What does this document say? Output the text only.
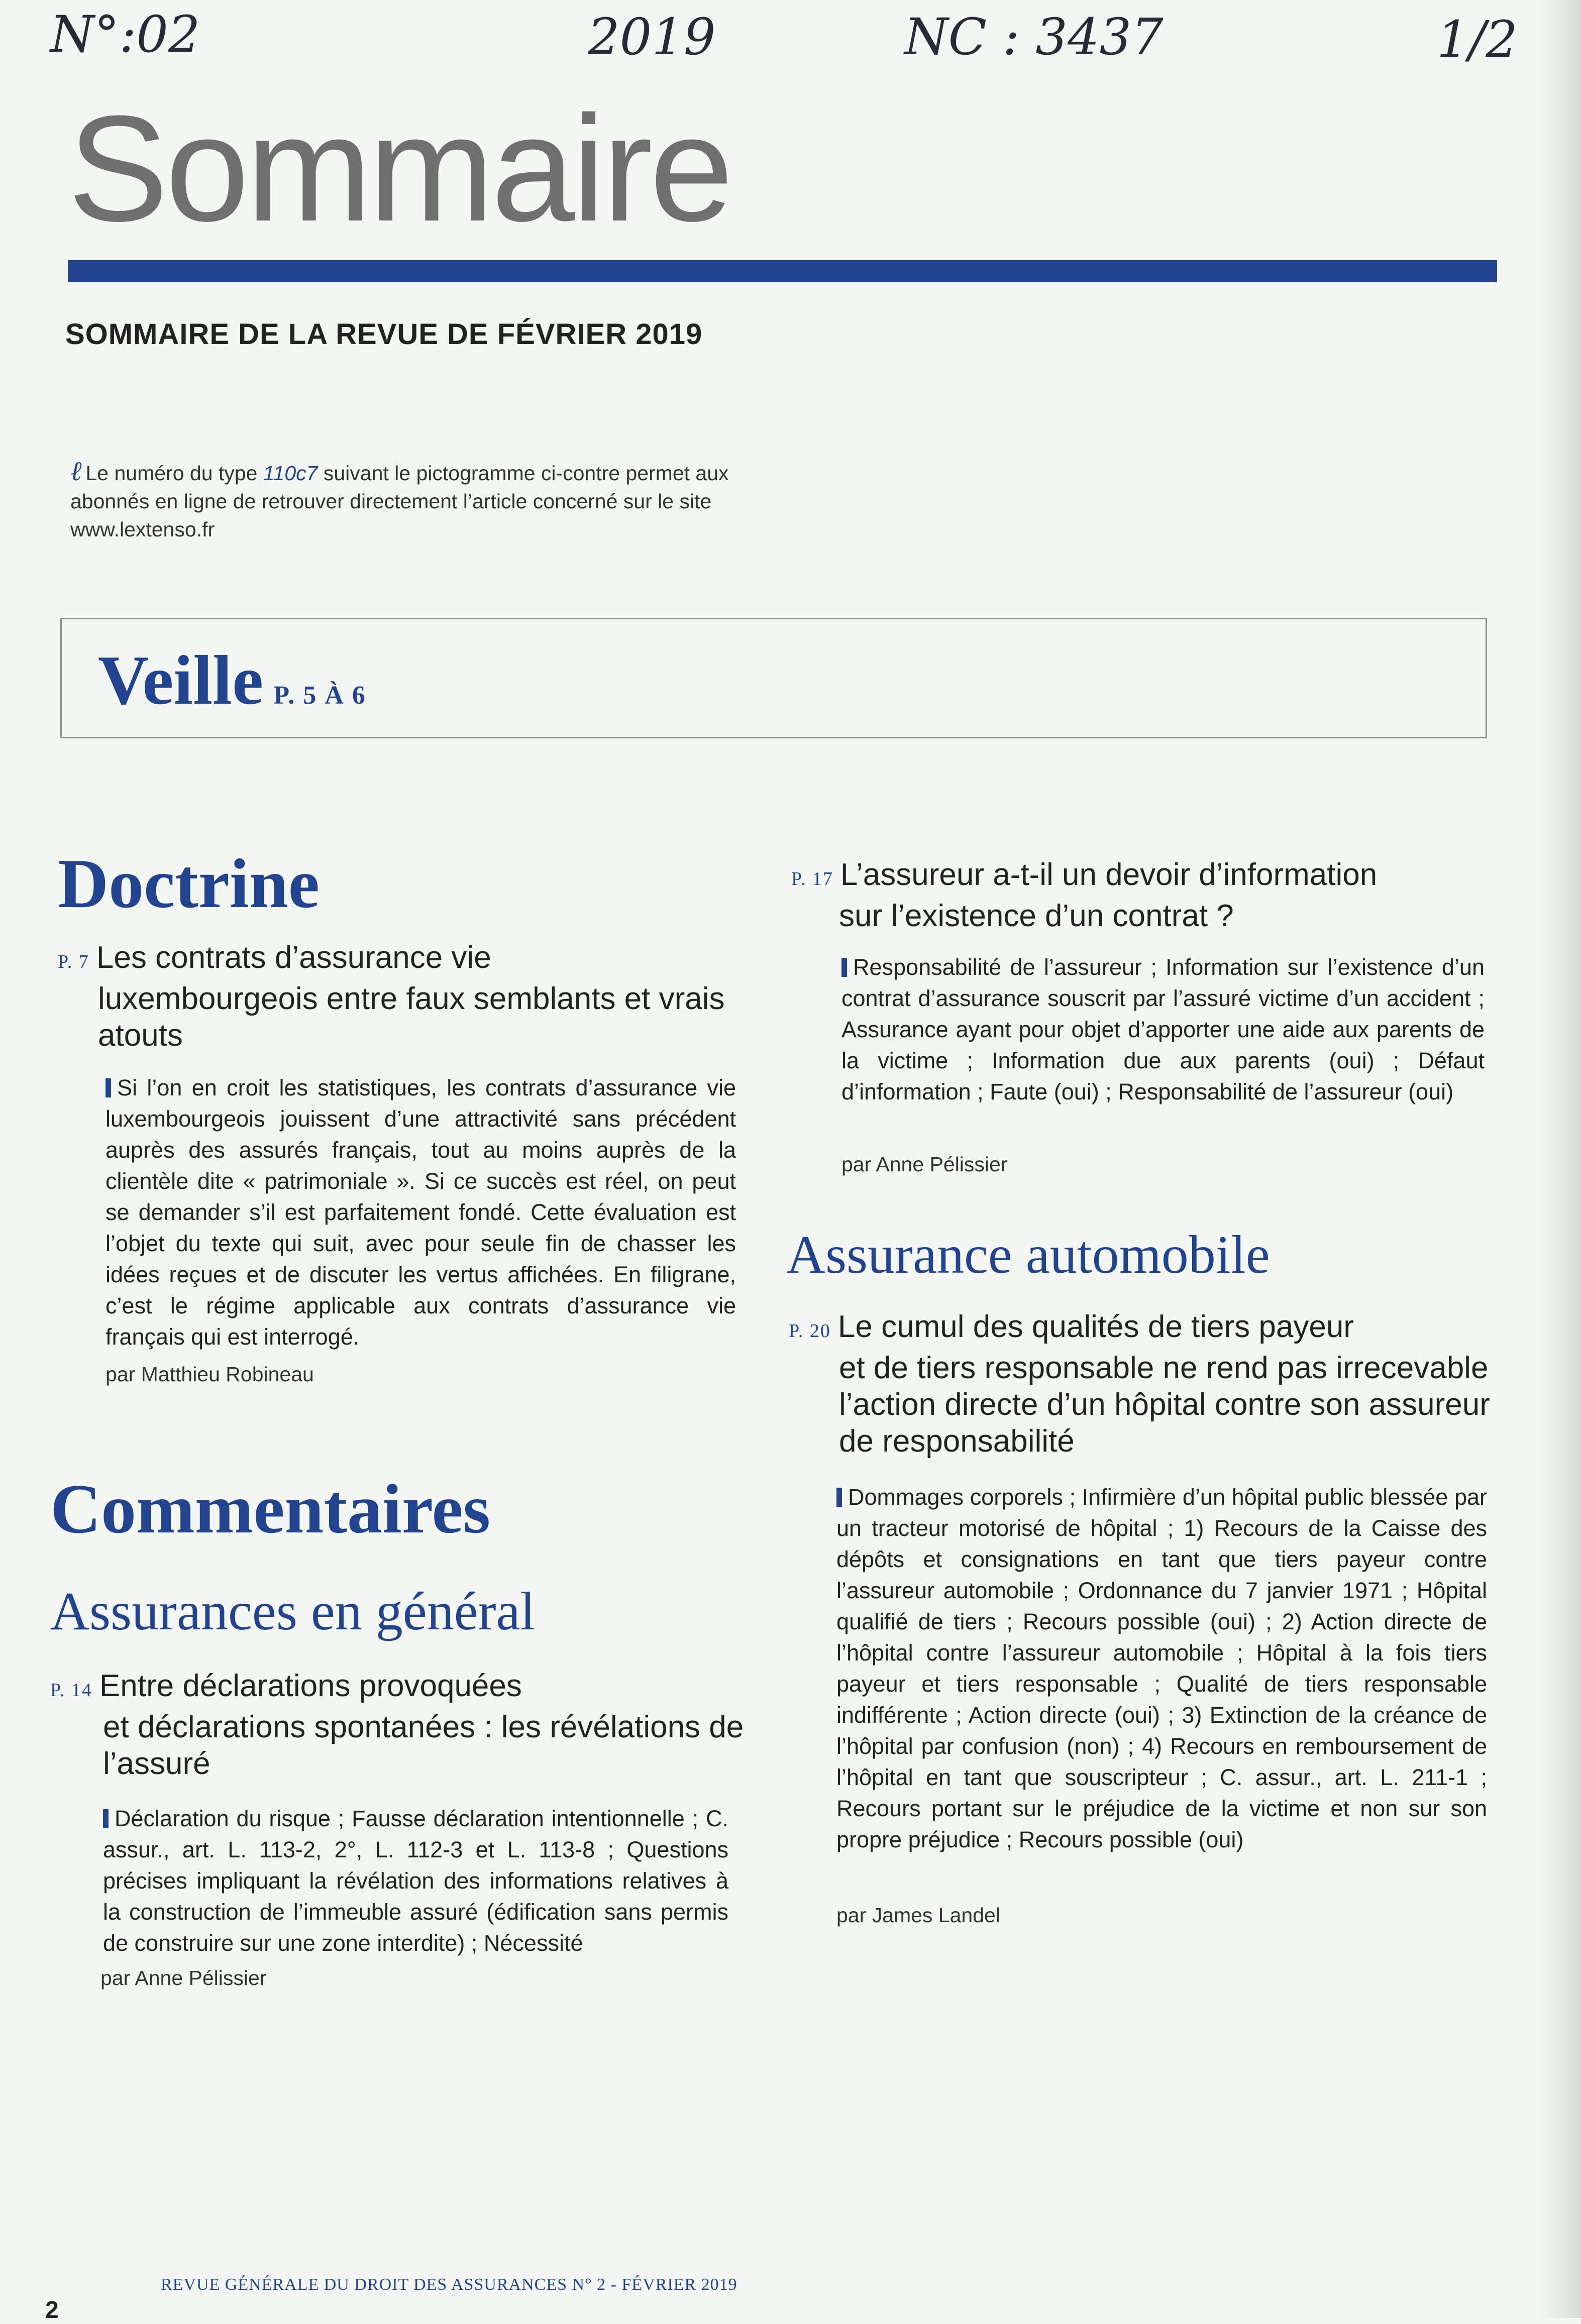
N°:02	2019	NC : 3437	1/2
Sommaire
SOMMAIRE DE LA REVUE DE FÉVRIER 2019
ℓ Le numéro du type 110c7 suivant le pictogramme ci-contre permet aux abonnés en ligne de retrouver directement l’article concerné sur le site www.lextenso.fr
Veille P. 5 À 6
Doctrine
P. 7 Les contrats d’assurance vie
luxembourgeois entre faux semblants et vrais atouts
Si l’on en croit les statistiques, les contrats d’assurance vie luxembourgeois jouissent d’une attractivité sans précédent auprès des assurés français, tout au moins auprès de la clientèle dite « patrimoniale ». Si ce succès est réel, on peut se demander s’il est parfaitement fondé. Cette évaluation est l’objet du texte qui suit, avec pour seule fin de chasser les idées reçues et de discuter les vertus affichées. En filigrane, c’est le régime applicable aux contrats d’assurance vie français qui est interrogé.
par Matthieu Robineau
Commentaires
Assurances en général
P. 14 Entre déclarations provoquées
et déclarations spontanées : les révélations de l’assuré
Déclaration du risque ; Fausse déclaration intentionnelle ; C. assur., art. L. 113-2, 2°, L. 112-3 et L. 113-8 ; Questions précises impliquant la révélation des informations relatives à la construction de l’immeuble assuré (édification sans permis de construire sur une zone interdite) ; Nécessité
par Anne Pélissier
P. 17 L’assureur a-t-il un devoir d’information
sur l’existence d’un contrat ?
Responsabilité de l’assureur ; Information sur l’existence d’un contrat d’assurance souscrit par l’assuré victime d’un accident ; Assurance ayant pour objet d’apporter une aide aux parents de la victime ; Information due aux parents (oui) ; Défaut d’information ; Faute (oui) ; Responsabilité de l’assureur (oui)
par Anne Pélissier
Assurance automobile
P. 20 Le cumul des qualités de tiers payeur
et de tiers responsable ne rend pas irrecevable l’action directe d’un hôpital contre son assureur de responsabilité
Dommages corporels ; Infirmière d’un hôpital public blessée par un tracteur motorisé de hôpital ; 1) Recours de la Caisse des dépôts et consignations en tant que tiers payeur contre l’assureur automobile ; Ordonnance du 7 janvier 1971 ; Hôpital qualifié de tiers ; Recours possible (oui) ; 2) Action directe de l’hôpital contre l’assureur automobile ; Hôpital à la fois tiers payeur et tiers responsable ; Qualité de tiers responsable indifférente ; Action directe (oui) ; 3) Extinction de la créance de l’hôpital par confusion (non) ; 4) Recours en remboursement de l’hôpital en tant que souscripteur ; C. assur., art. L. 211-1 ; Recours portant sur le préjudice de la victime et non sur son propre préjudice ; Recours possible (oui)
par James Landel
2
REVUE GÉNÉRALE DU DROIT DES ASSURANCES N° 2 - FÉVRIER 2019
